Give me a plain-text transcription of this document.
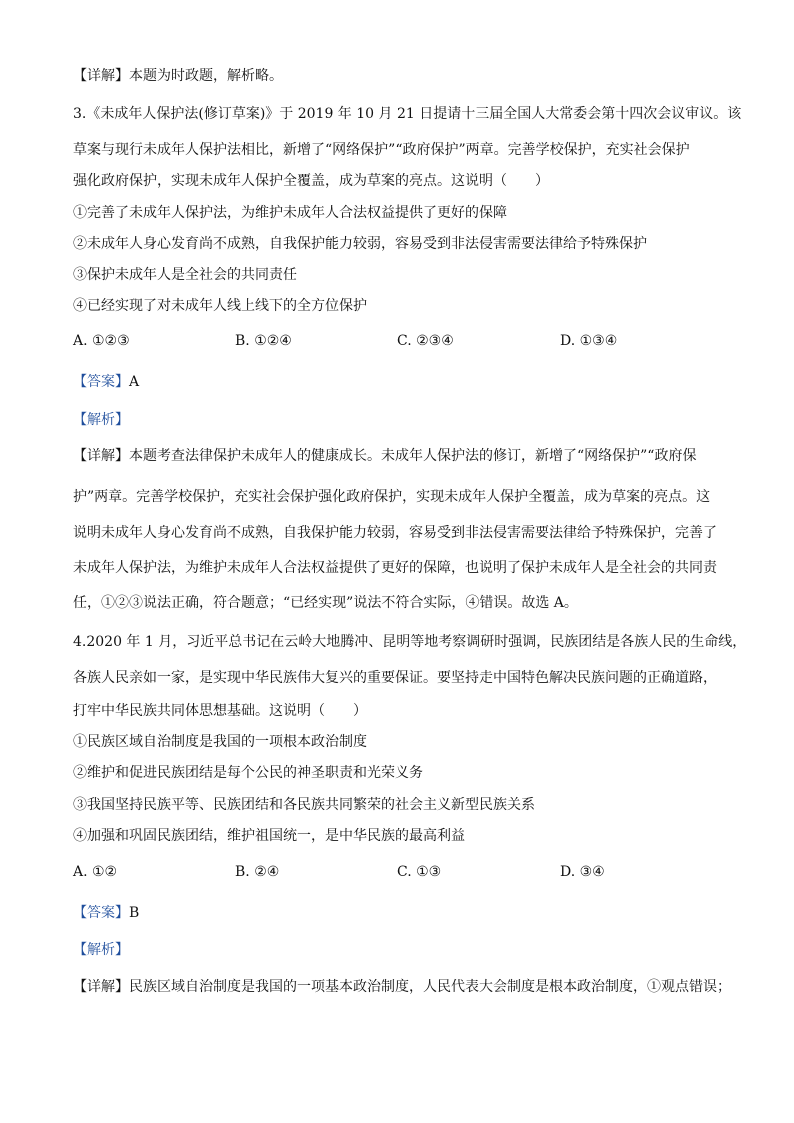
【详解】本题为时政题，解析略。
3.《未成年人保护法(修订草案)》于 2019 年 10 月 21 日提请十三届全国人大常委会第十四次会议审议。该
草案与现行未成年人保护法相比，新增了“网络保护”“政府保护”两章。完善学校保护，充实社会保护
强化政府保护，实现未成年人保护全覆盖，成为草案的亮点。这说明（　　）
①完善了未成年人保护法，为维护未成年人合法权益提供了更好的保障
②未成年人身心发育尚不成熟，自我保护能力较弱，容易受到非法侵害需要法律给予特殊保护
③保护未成年人是全社会的共同责任
④已经实现了对未成年人线上线下的全方位保护
A. ①②③	B. ①②④	C. ②③④	D. ①③④
【答案】A
【解析】
【详解】本题考查法律保护未成年人的健康成长。未成年人保护法的修订，新增了“网络保护”“政府保
护”两章。完善学校保护，充实社会保护强化政府保护，实现未成年人保护全覆盖，成为草案的亮点。这
说明未成年人身心发育尚不成熟，自我保护能力较弱，容易受到非法侵害需要法律给予特殊保护，完善了
未成年人保护法，为维护未成年人合法权益提供了更好的保障，也说明了保护未成年人是全社会的共同责
任，①②③说法正确，符合题意；“已经实现”说法不符合实际，④错误。故选 A。
4.2020 年 1 月，习近平总书记在云岭大地腾冲、昆明等地考察调研时强调，民族团结是各族人民的生命线，
各族人民亲如一家，是实现中华民族伟大复兴的重要保证。要坚持走中国特色解决民族问题的正确道路，
打牢中华民族共同体思想基础。这说明（　　）
①民族区域自治制度是我国的一项根本政治制度
②维护和促进民族团结是每个公民的神圣职责和光荣义务
③我国坚持民族平等、民族团结和各民族共同繁荣的社会主义新型民族关系
④加强和巩固民族团结，维护祖国统一，是中华民族的最高利益
A. ①②	B. ②④	C. ①③	D. ③④
【答案】B
【解析】
【详解】民族区域自治制度是我国的一项基本政治制度，人民代表大会制度是根本政治制度，①观点错误；
